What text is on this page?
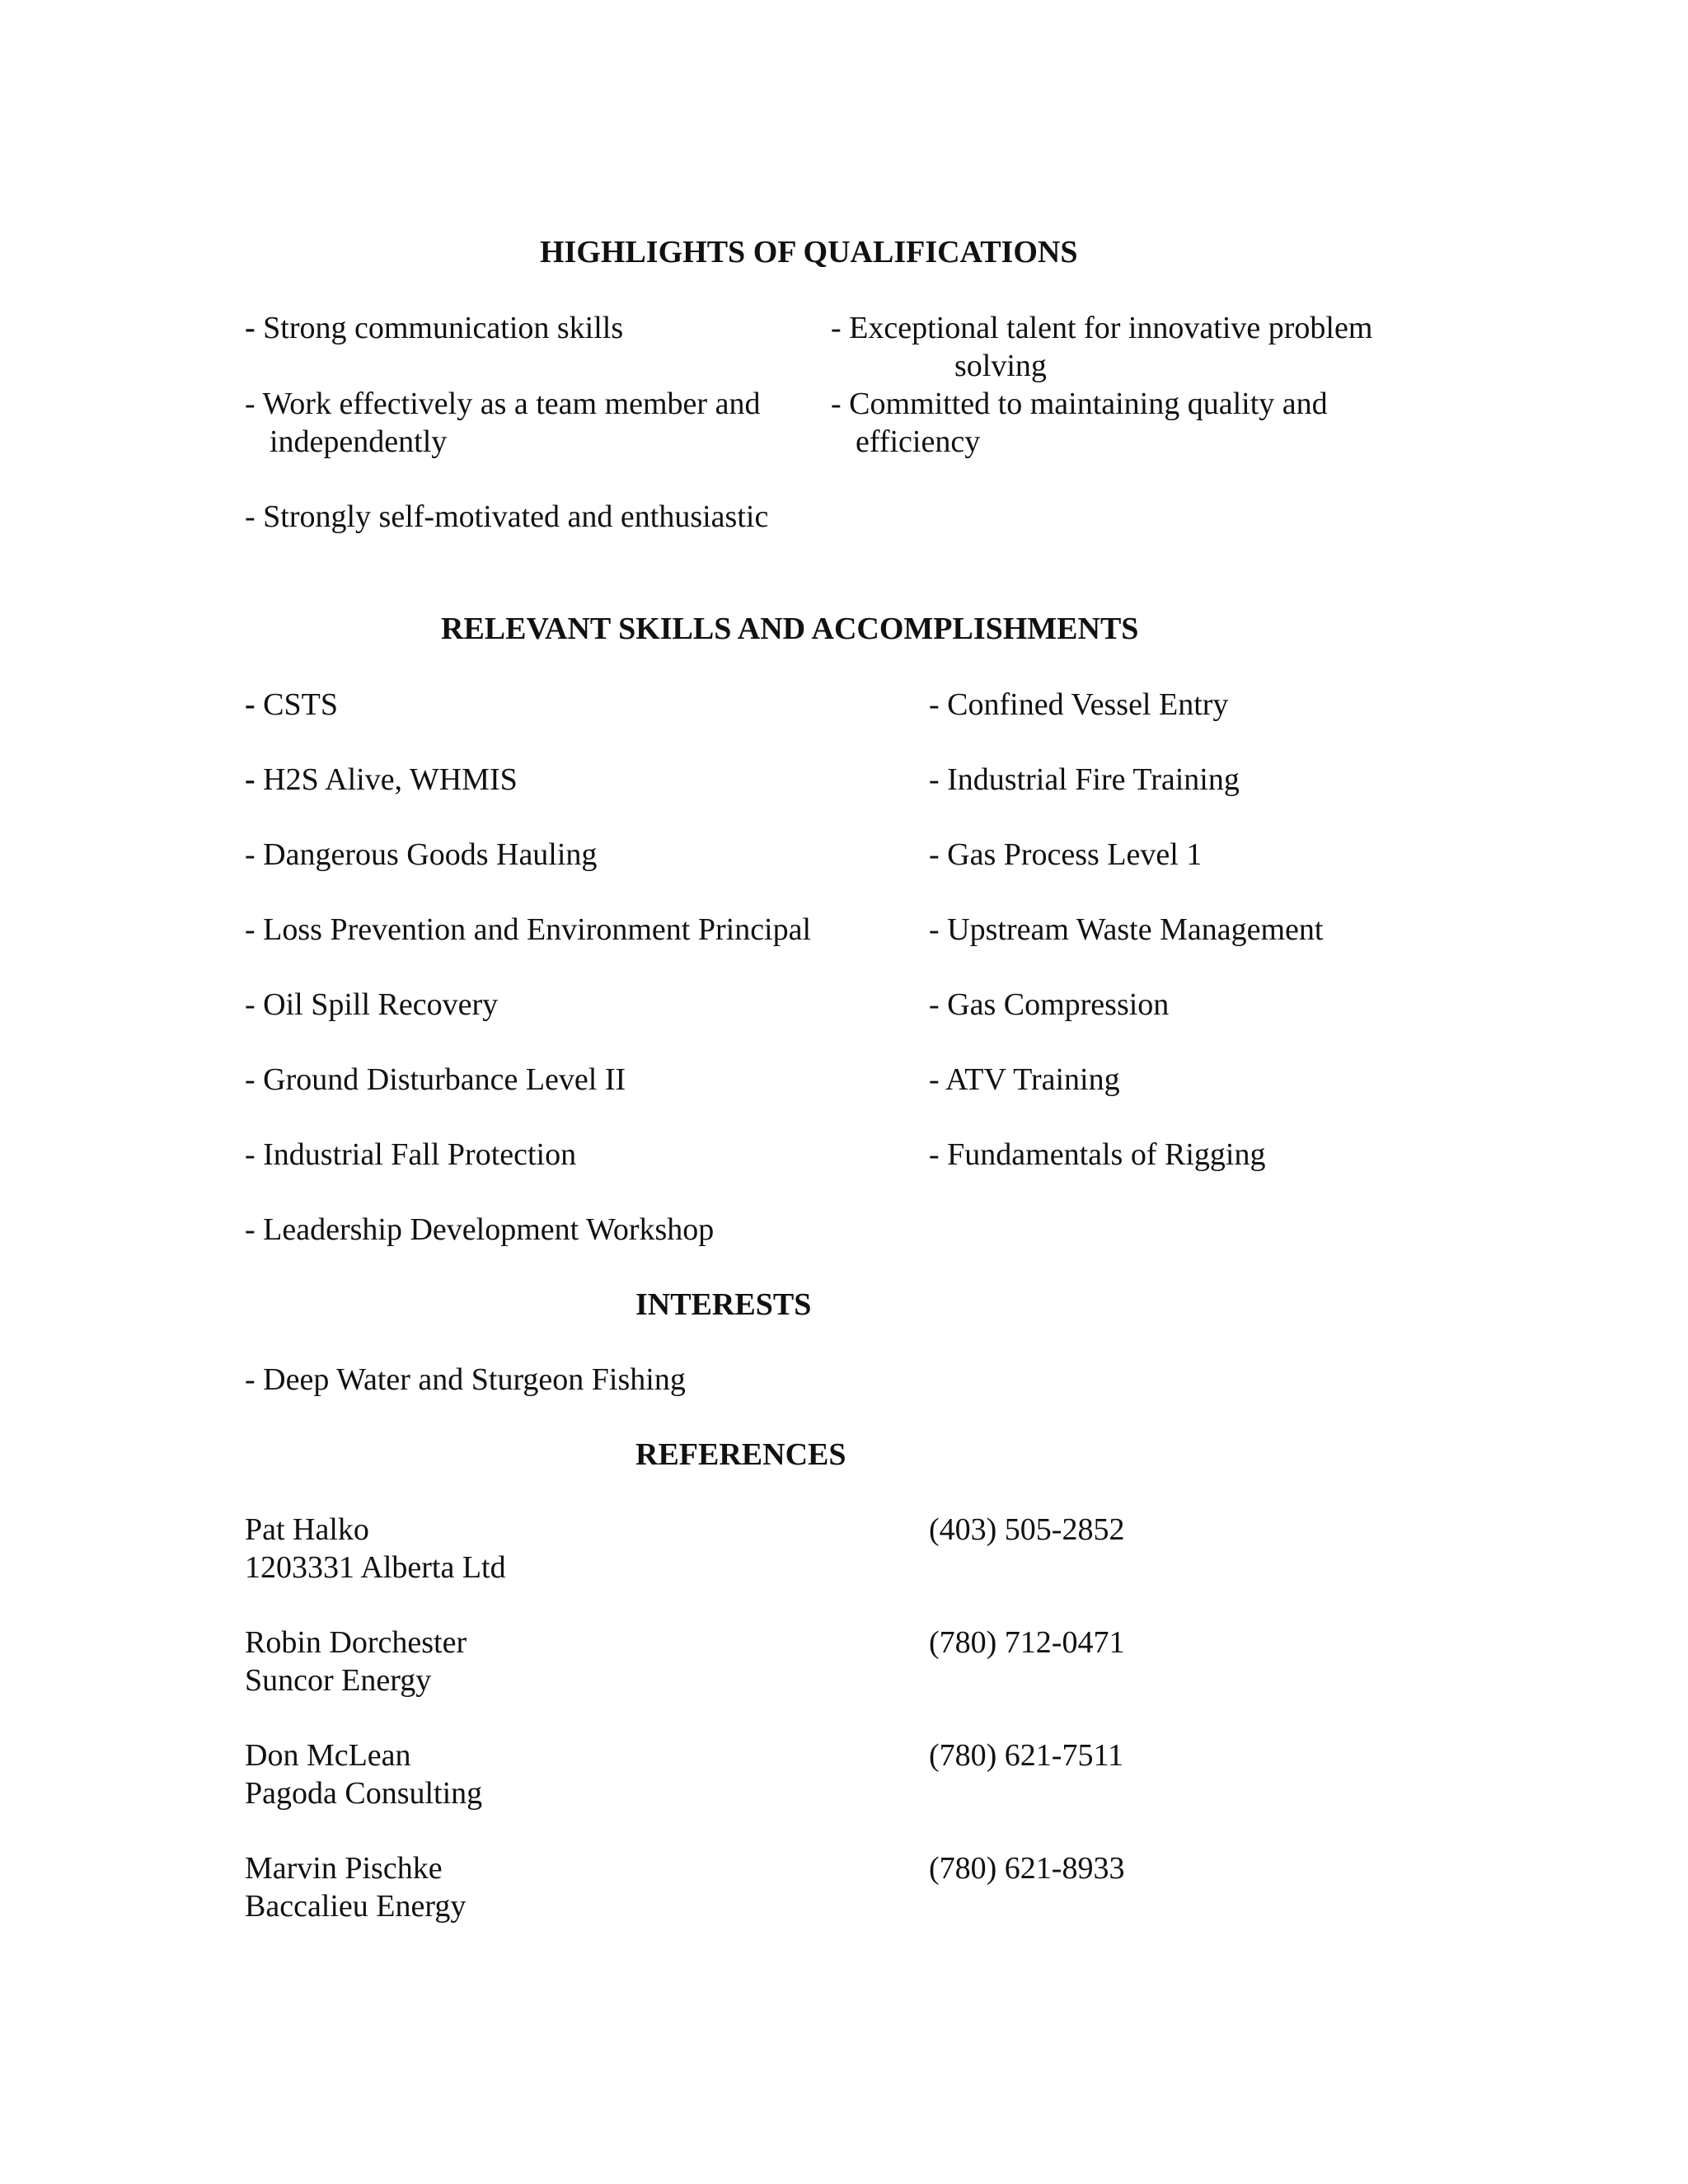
HIGHLIGHTS OF QUALIFICATIONS
- Strong communication skills	- Exceptional talent for innovative problem
solving
- Work effectively as a team member and
independently
- Committed to maintaining quality and
efficiency
- Strongly self-motivated and enthusiastic
RELEVANT SKILLS AND ACCOMPLISHMENTS
- CSTS
- H2S Alive, WHMIS
- Dangerous Goods Hauling
- Loss Prevention and Environment Principal
- Oil Spill Recovery
- Ground Disturbance Level II
- Industrial Fall Protection
- Leadership Development Workshop
- Confined Vessel Entry
- Industrial Fire Training
- Gas Process Level 1
- Upstream Waste Management
- Gas Compression
- ATV Training
- Fundamentals of Rigging
INTERESTS
- Deep Water and Sturgeon Fishing
REFERENCES
Pat Halko
1203331 Alberta Ltd
(403) 505-2852
Robin Dorchester
Suncor Energy
(780) 712-0471
Don McLean
Pagoda Consulting
(780) 621-7511
Marvin Pischke
Baccalieu Energy
(780) 621-8933
